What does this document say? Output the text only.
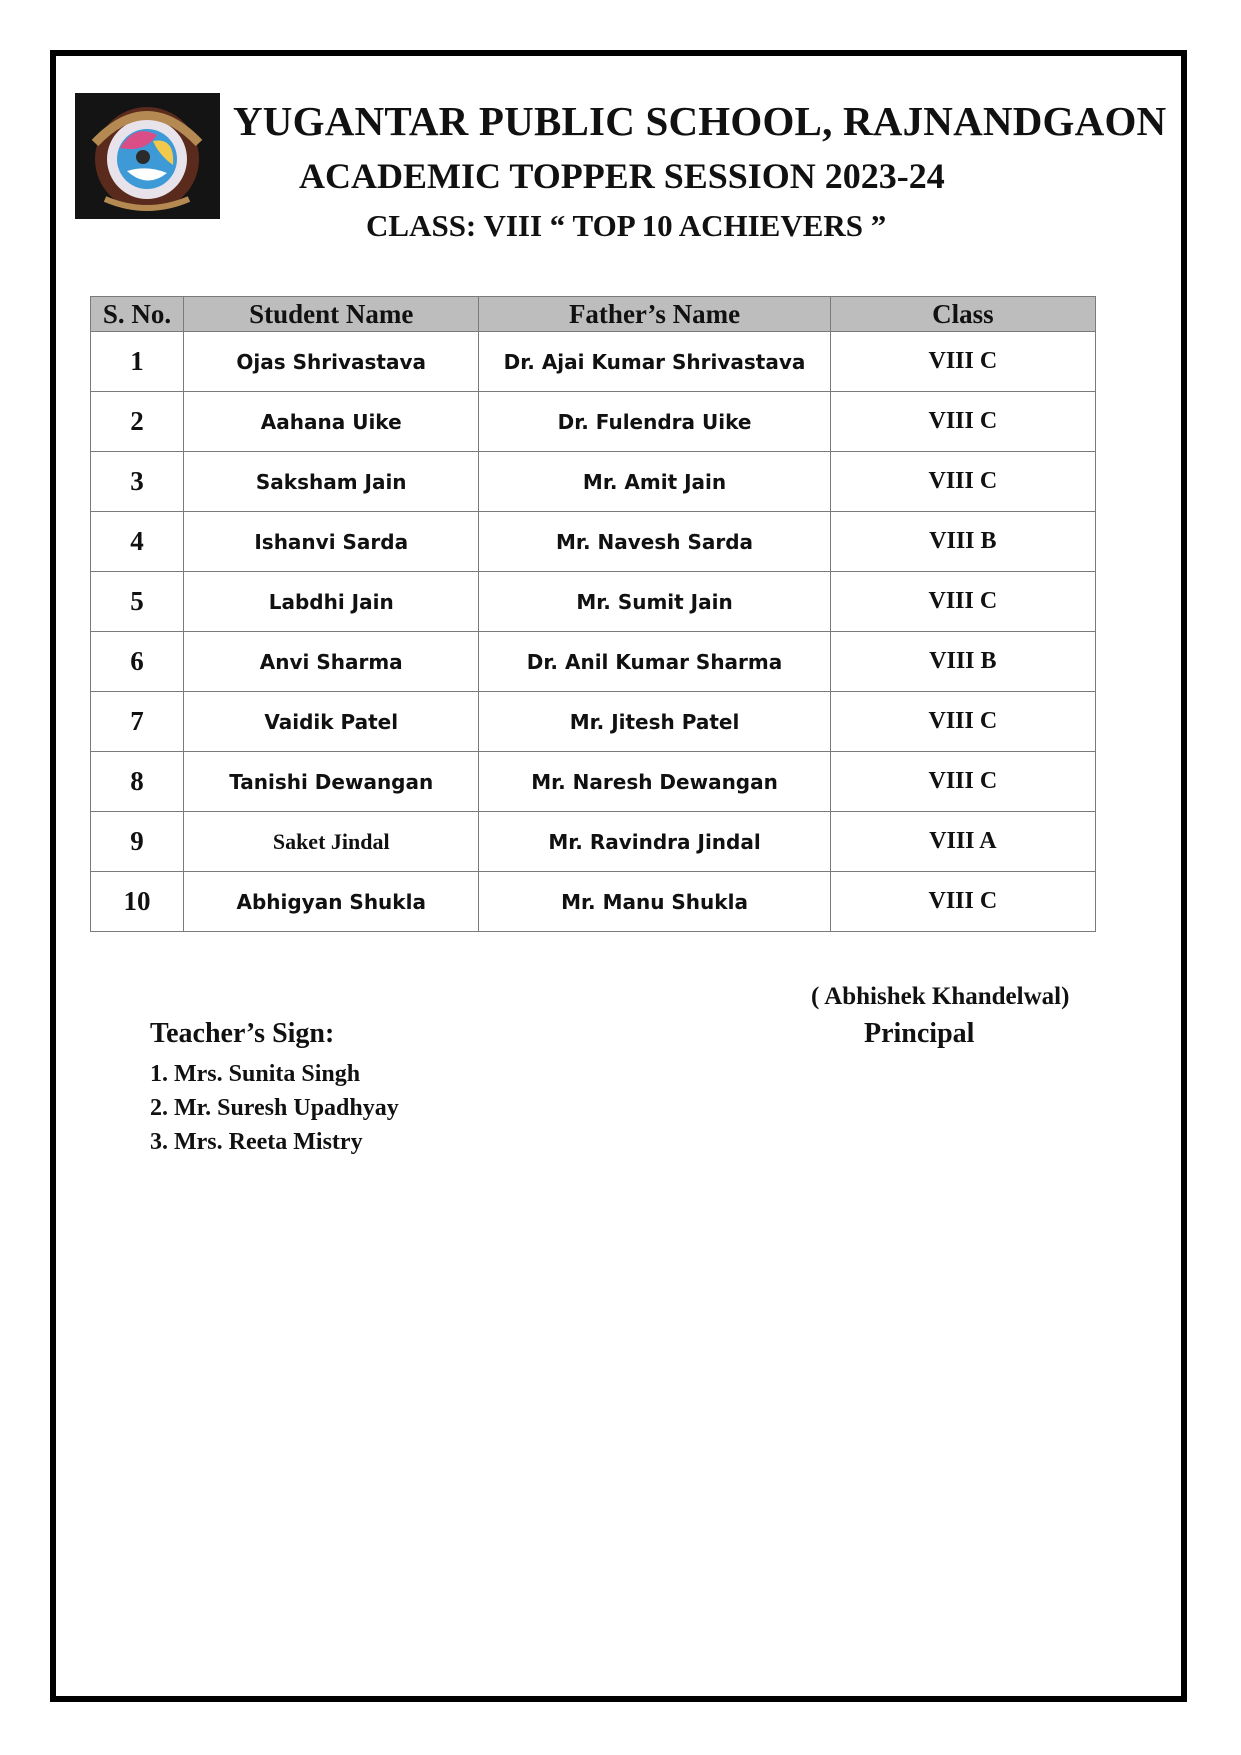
YUGANTAR PUBLIC SCHOOL, RAJNANDGAON
ACADEMIC TOPPER SESSION 2023-24
CLASS: VIII “ TOP 10 ACHIEVERS ”
S. No.	Student Name	Father’s Name	Class
1	Ojas Shrivastava	Dr. Ajai Kumar Shrivastava	VIII C
2	Aahana Uike	Dr. Fulendra Uike	VIII C
3	Saksham Jain	Mr. Amit Jain	VIII C
4	Ishanvi Sarda	Mr. Navesh Sarda	VIII B
5	Labdhi Jain	Mr. Sumit Jain	VIII C
6	Anvi Sharma	Dr. Anil Kumar Sharma	VIII B
7	Vaidik Patel	Mr. Jitesh Patel	VIII C
8	Tanishi Dewangan	Mr. Naresh Dewangan	VIII C
9	Saket Jindal	Mr. Ravindra Jindal	VIII A
10	Abhigyan Shukla	Mr. Manu Shukla	VIII C
( Abhishek Khandelwal)
Principal
Teacher’s Sign:
1. Mrs. Sunita Singh
2. Mr. Suresh Upadhyay
3. Mrs. Reeta Mistry
